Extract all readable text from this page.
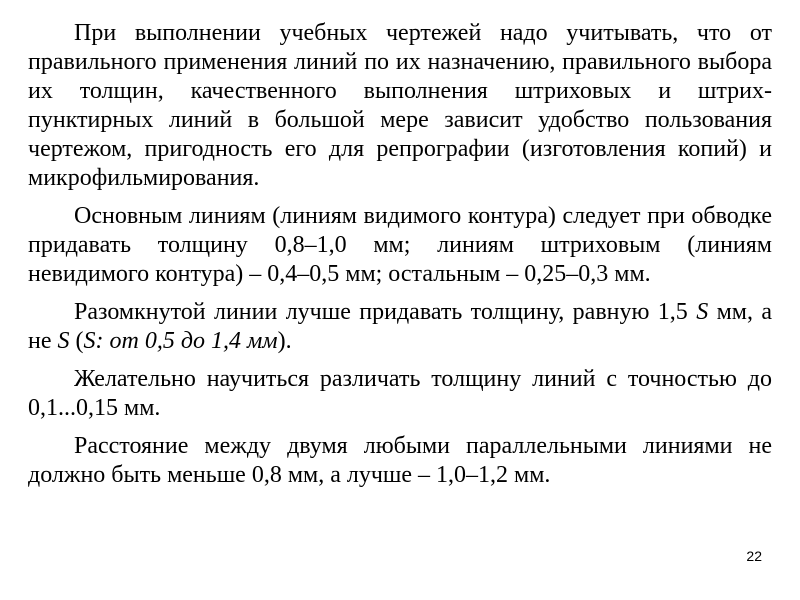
При выполнении учебных чертежей надо учитывать, что от правильного применения линий по их назначению, правильного выбора их толщин, качественного выполнения штриховых и штрих-пунктирных линий в большой мере зависит удобство пользования чертежом, пригодность его для репрографии (изготовления копий) и микрофильмирования.

Основным линиям (линиям видимого контура) следует при обводке придавать толщину 0,8–1,0 мм; линиям штриховым (линиям невидимого контура) – 0,4–0,5 мм; остальным – 0,25–0,3 мм.

Разомкнутой линии лучше придавать толщину, равную 1,5 S мм, а не S (S: от 0,5 до 1,4 мм).

Желательно научиться различать толщину линий с точностью до 0,1...0,15 мм.

Расстояние между двумя любыми параллельными линиями не должно быть меньше 0,8 мм, а лучше – 1,0–1,2 мм.

22
